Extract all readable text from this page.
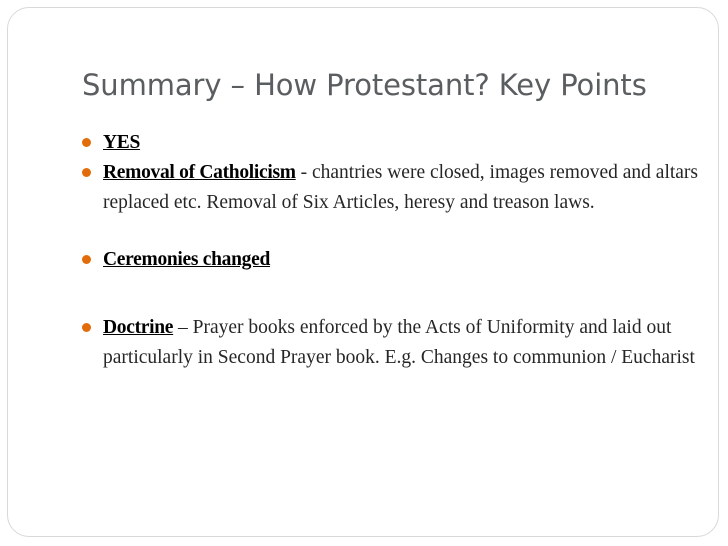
Summary – How Protestant? Key Points
YES
Removal of Catholicism - chantries were closed, images removed and altars replaced etc. Removal of Six Articles, heresy and treason laws.
Ceremonies changed
Doctrine – Prayer books enforced by the Acts of Uniformity and laid out particularly in Second Prayer book. E.g. Changes to communion / Eucharist
